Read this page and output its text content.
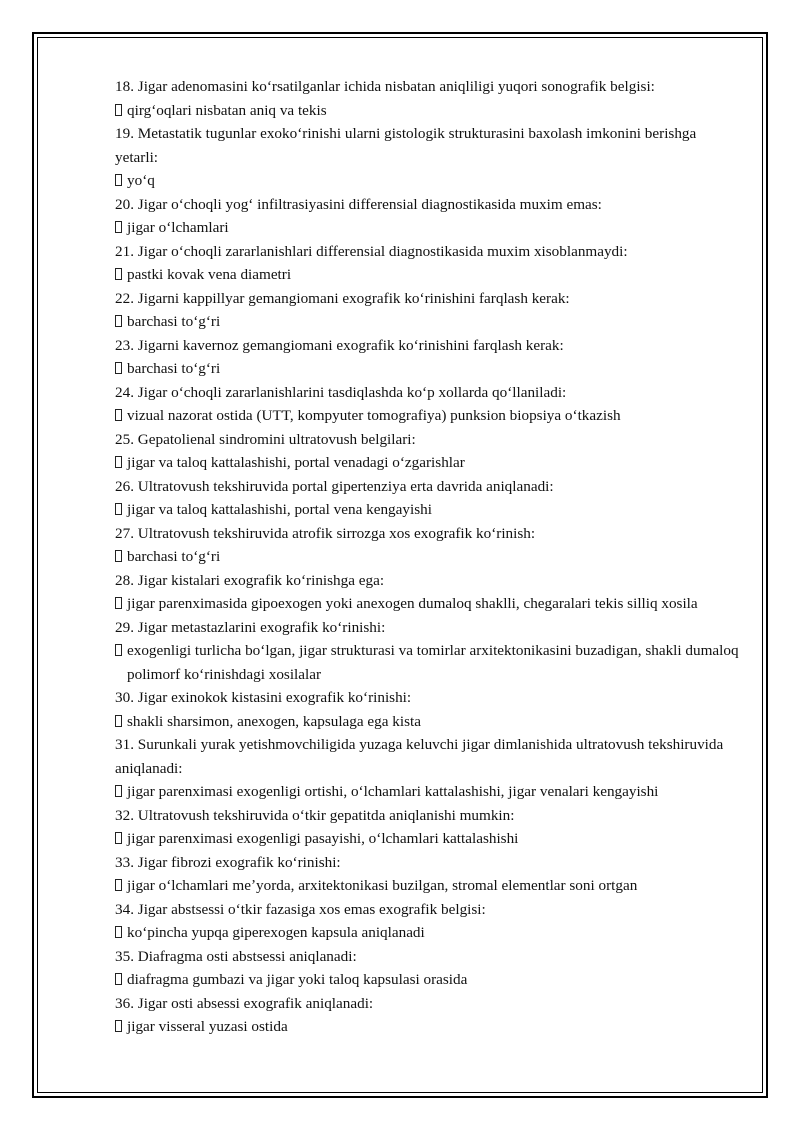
18. Jigar adenomasini koʻrsatilganlar ichida nisbatan aniqliligi yuqori sonografik belgisi:

qirgʻoqlari nisbatan aniq va tekis

19. Metastatik tugunlar exokoʻrinishi ularni gistologik strukturasini baxolash imkonini berishga yetarli:

yoʻq

20. Jigar oʻchoqli yogʻ infiltrasiyasini differensial diagnostikasida muxim emas:

jigar oʻlchamlari

21. Jigar oʻchoqli zararlanishlari differensial diagnostikasida muxim xisoblanmaydi:

pastki kovak vena diametri

22. Jigarni kappillyar gemangiomani exografik koʻrinishini farqlash kerak:

barchasi toʻgʻri

23. Jigarni kavernoz gemangiomani exografik koʻrinishini farqlash kerak:

barchasi toʻgʻri

24. Jigar oʻchoqli zararlanishlarini tasdiqlashda koʻp xollarda qoʻllaniladi:

vizual nazorat ostida (UTT, kompyuter tomografiya) punksion biopsiya oʻtkazish

25. Gepatolienal sindromini ultratovush belgilari:

jigar va taloq kattalashishi, portal venadagi oʻzgarishlar

26. Ultratovush tekshiruvida portal gipertenziya erta davrida aniqlanadi:

jigar va taloq kattalashishi, portal vena kengayishi

27. Ultratovush tekshiruvida atrofik sirrozga xos exografik koʻrinish:

barchasi toʻgʻri

28. Jigar kistalari exografik koʻrinishga ega:

jigar parenximasida gipoexogen yoki anexogen dumaloq shaklli, chegaralari tekis silliq xosila

29. Jigar metastazlarini exografik koʻrinishi:

exogenligi turlicha boʻlgan, jigar strukturasi va tomirlar arxitektonikasini buzadigan, shakli dumaloq polimorf koʻrinishdagi xosilalar

30. Jigar exinokok kistasini exografik koʻrinishi:

shakli sharsimon, anexogen, kapsulaga ega kista

31. Surunkali yurak yetishmovchiligida yuzaga keluvchi jigar dimlanishida ultratovush tekshiruvida aniqlanadi:

jigar parenximasi exogenligi ortishi, oʻlchamlari kattalashishi, jigar venalari kengayishi

32. Ultratovush tekshiruvida oʻtkir gepatitda aniqlanishi mumkin:

jigar parenximasi exogenligi pasayishi, oʻlchamlari kattalashishi

33. Jigar fibrozi exografik koʻrinishi:

jigar oʻlchamlari meʼyorda, arxitektonikasi buzilgan, stromal elementlar soni ortgan

34. Jigar abstsessi oʻtkir fazasiga xos emas exografik belgisi:

koʻpincha yupqa giperexogen kapsula aniqlanadi

35. Diafragma osti abstsessi aniqlanadi:

diafragma gumbazi va jigar yoki taloq kapsulasi orasida

36. Jigar osti absessi exografik aniqlanadi:

jigar visseral yuzasi ostida
